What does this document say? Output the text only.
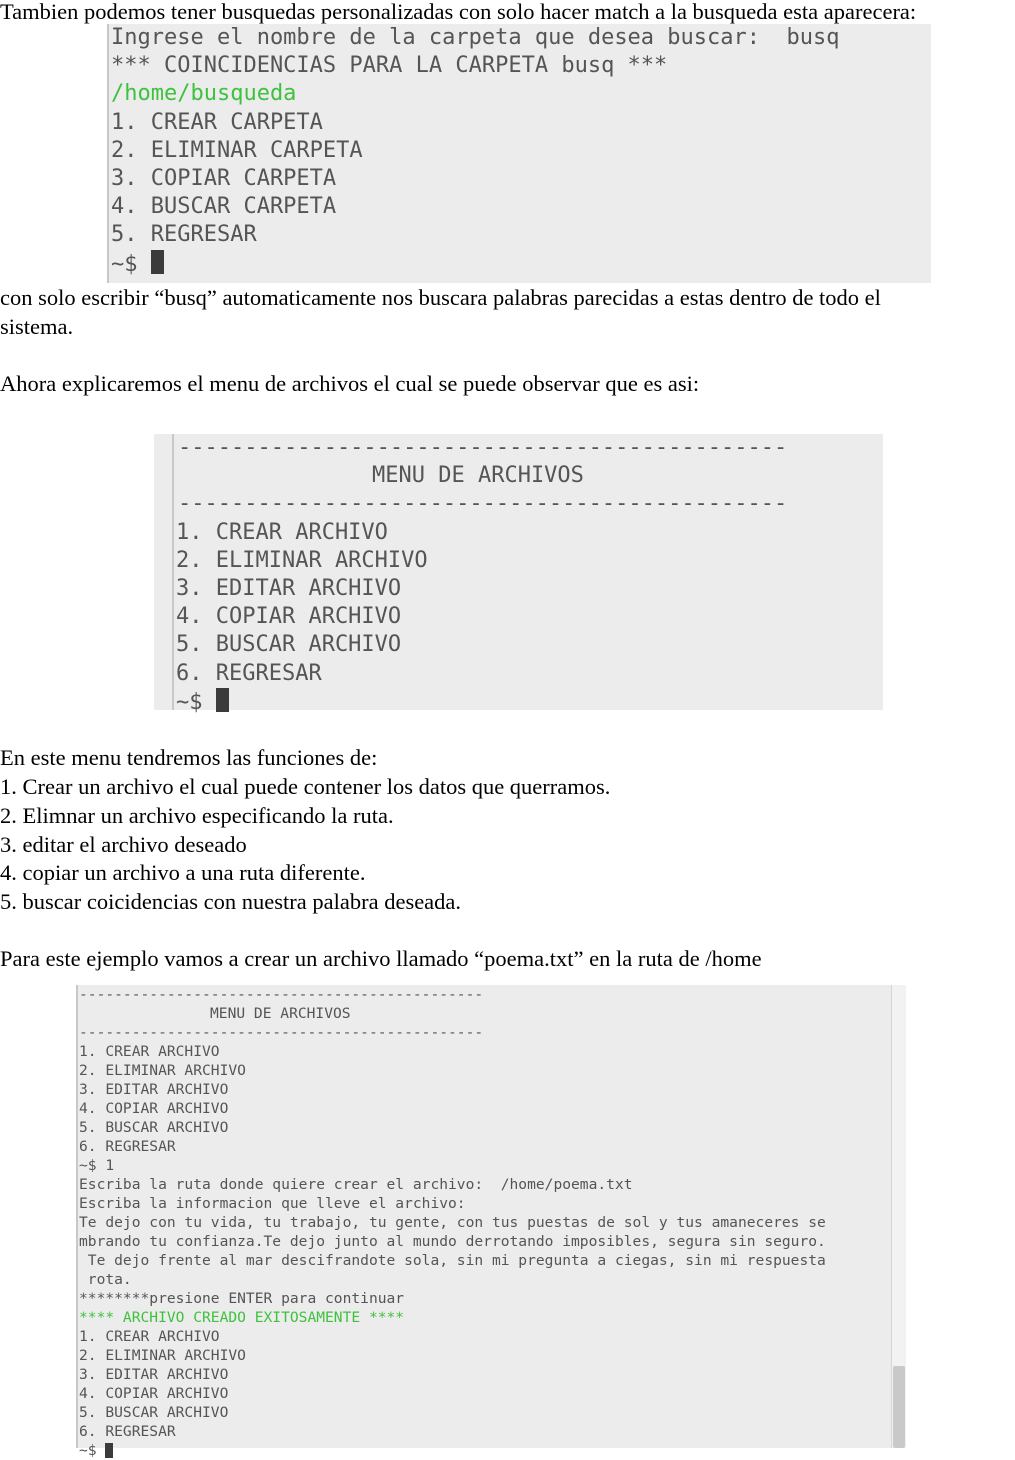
Tambien podemos tener busquedas personalizadas con solo hacer match a la busqueda esta aparecera:

Ingrese el nombre de la carpeta que desea buscar:  busq
*** COINCIDENCIAS PARA LA CARPETA busq ***
/home/busqueda
1. CREAR CARPETA
2. ELIMINAR CARPETA
3. COPIAR CARPETA
4. BUSCAR CARPETA
5. REGRESAR
~$

con solo escribir “busq” automaticamente nos buscara palabras parecidas a estas dentro de todo el

sistema.

Ahora explicaremos el menu de archivos el cual se puede observar que es asi:

----------------------------------------------
MENU DE ARCHIVOS
----------------------------------------------
1. CREAR ARCHIVO
2. ELIMINAR ARCHIVO
3. EDITAR ARCHIVO
4. COPIAR ARCHIVO
5. BUSCAR ARCHIVO
6. REGRESAR
~$

En este menu tendremos las funciones de:

1. Crear un archivo el cual puede contener los datos que querramos.

2. Elimnar un archivo especificando la ruta.

3. editar el archivo deseado

4. copiar un archivo a una ruta diferente.

5. buscar coicidencias con nuestra palabra deseada.

Para este ejemplo vamos a crear un archivo llamado “poema.txt” en la ruta de /home

----------------------------------------------
MENU DE ARCHIVOS
----------------------------------------------
1. CREAR ARCHIVO
2. ELIMINAR ARCHIVO
3. EDITAR ARCHIVO
4. COPIAR ARCHIVO
5. BUSCAR ARCHIVO
6. REGRESAR
~$ 1
Escriba la ruta donde quiere crear el archivo:  /home/poema.txt
Escriba la informacion que lleve el archivo:
Te dejo con tu vida, tu trabajo, tu gente, con tus puestas de sol y tus amaneceres se
mbrando tu confianza.Te dejo junto al mundo derrotando imposibles, segura sin seguro.
Te dejo frente al mar descifrandote sola, sin mi pregunta a ciegas, sin mi respuesta
rota.
********presione ENTER para continuar
**** ARCHIVO CREADO EXITOSAMENTE ****
1. CREAR ARCHIVO
2. ELIMINAR ARCHIVO
3. EDITAR ARCHIVO
4. COPIAR ARCHIVO
5. BUSCAR ARCHIVO
6. REGRESAR
~$
